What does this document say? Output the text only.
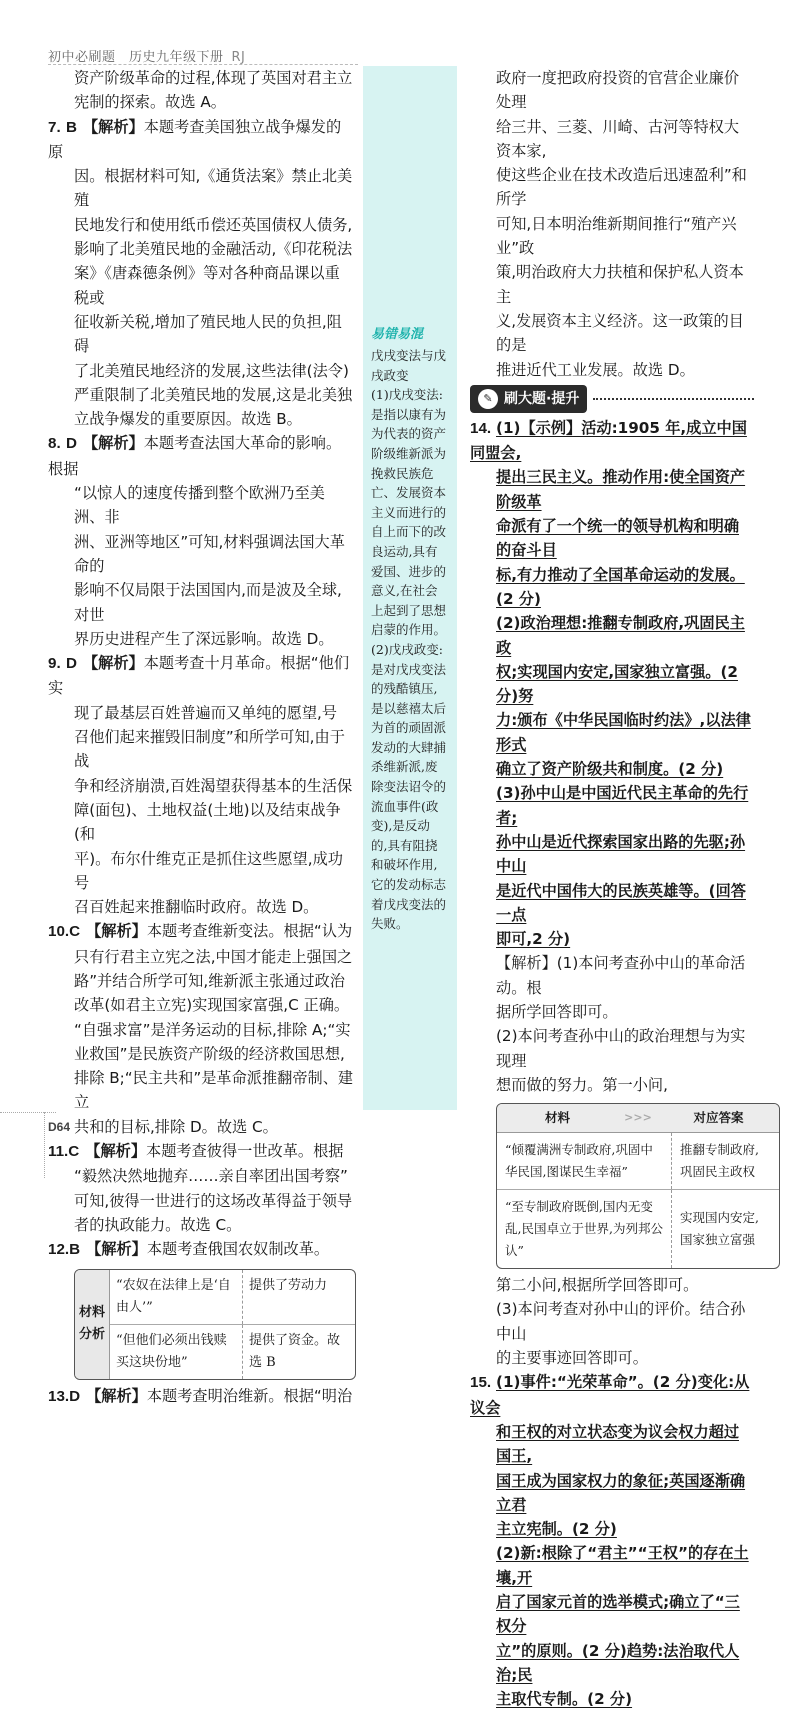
初中必刷题　历史九年级下册 RJ

资产阶级革命的过程,体现了英国对君主立

宪制的探索。故选 A。

7. B 【解析】本题考查美国独立战争爆发的原

因。根据材料可知,《通货法案》禁止北美殖

民地发行和使用纸币偿还英国债权人债务,

影响了北美殖民地的金融活动,《印花税法

案》《唐森德条例》等对各种商品课以重税或

征收新关税,增加了殖民地人民的负担,阻碍

了北美殖民地经济的发展,这些法律(法令)

严重限制了北美殖民地的发展,这是北美独

立战争爆发的重要原因。故选 B。

8. D 【解析】本题考查法国大革命的影响。根据

“以惊人的速度传播到整个欧洲乃至美洲、非

洲、亚洲等地区”可知,材料强调法国大革命的

影响不仅局限于法国国内,而是波及全球,对世

界历史进程产生了深远影响。故选 D。

9. D 【解析】本题考查十月革命。根据“他们实

现了最基层百姓普遍而又单纯的愿望,号

召他们起来摧毁旧制度”和所学可知,由于战

争和经济崩溃,百姓渴望获得基本的生活保

障(面包)、土地权益(土地)以及结束战争(和

平)。布尔什维克正是抓住这些愿望,成功号

召百姓起来推翻临时政府。故选 D。

10.C 【解析】本题考查维新变法。根据“认为

只有行君主立宪之法,中国才能走上强国之

路”并结合所学可知,维新派主张通过政治

改革(如君主立宪)实现国家富强,C 正确。

“自强求富”是洋务运动的目标,排除 A;“实

业救国”是民族资产阶级的经济救国思想,

排除 B;“民主共和”是革命派推翻帝制、建立

共和的目标,排除 D。故选 C。

11.C 【解析】本题考查彼得一世改革。根据

“毅然决然地抛弃……亲自率团出国考察”

可知,彼得一世进行的这场改革得益于领导

者的执政能力。故选 C。

12.B 【解析】本题考查俄国农奴制改革。

材料分析
“农奴在法律上是‘自由人’”
提供了劳动力
“但他们必须出钱赎买这块份地”
提供了资金。故选 B

13.D 【解析】本题考查明治维新。根据“明治

易错易混

戊戌变法与戊

戌政变

(1)戊戌变法:

是指以康有为

为代表的资产

阶级维新派为

挽救民族危

亡、发展资本

主义而进行的

自上而下的改

良运动,具有

爱国、进步的

意义,在社会

上起到了思想

启蒙的作用。

(2)戊戌政变:

是对戊戌变法

的残酷镇压,

是以慈禧太后

为首的顽固派

发动的大肆捕

杀维新派,废

除变法诏令的

流血事件(政

变),是反动

的,具有阻挠

和破坏作用,

它的发动标志

着戊戌变法的

失败。

政府一度把政府投资的官营企业廉价处理

给三井、三菱、川崎、古河等特权大资本家,

使这些企业在技术改造后迅速盈利”和所学

可知,日本明治维新期间推行“殖产兴业”政

策,明治政府大力扶植和保护私人资本主

义,发展资本主义经济。这一政策的目的是

推进近代工业发展。故选 D。

✎ 刷大题·提升

14. (1)【示例】活动:1905 年,成立中国同盟会,

提出三民主义。推动作用:使全国资产阶级革

命派有了一个统一的领导机构和明确的奋斗目

标,有力推动了全国革命运动的发展。(2 分)

(2)政治理想:推翻专制政府,巩固民主政

权;实现国内安定,国家独立富强。(2 分)努

力:颁布《中华民国临时约法》,以法律形式

确立了资产阶级共和制度。(2 分)

(3)孙中山是中国近代民主革命的先行者;

孙中山是近代探索国家出路的先驱;孙中山

是近代中国伟大的民族英雄等。(回答一点

即可,2 分)

【解析】(1)本问考查孙中山的革命活动。根

据所学回答即可。

(2)本问考查孙中山的政治理想与为实现理

想而做的努力。第一小问,

材料	>>>	对应答案
“倾覆满洲专制政府,巩固中华民国,图谋民生幸福”
推翻专制政府,巩固民主政权
“至专制政府既倒,国内无变乱,民国卓立于世界,为列邦公认”
实现国内安定,国家独立富强

第二小问,根据所学回答即可。

(3)本问考查对孙中山的评价。结合孙中山

的主要事迹回答即可。

15. (1)事件:“光荣革命”。(2 分)变化:从议会

和王权的对立状态变为议会权力超过国王,

国王成为国家权力的象征;英国逐渐确立君

主立宪制。(2 分)

(2)新:根除了“君主”“王权”的存在土壤,开

启了国家元首的选举模式;确立了“三权分

立”的原则。(2 分)趋势:法治取代人治;民

主取代专制。(2 分)

D64
